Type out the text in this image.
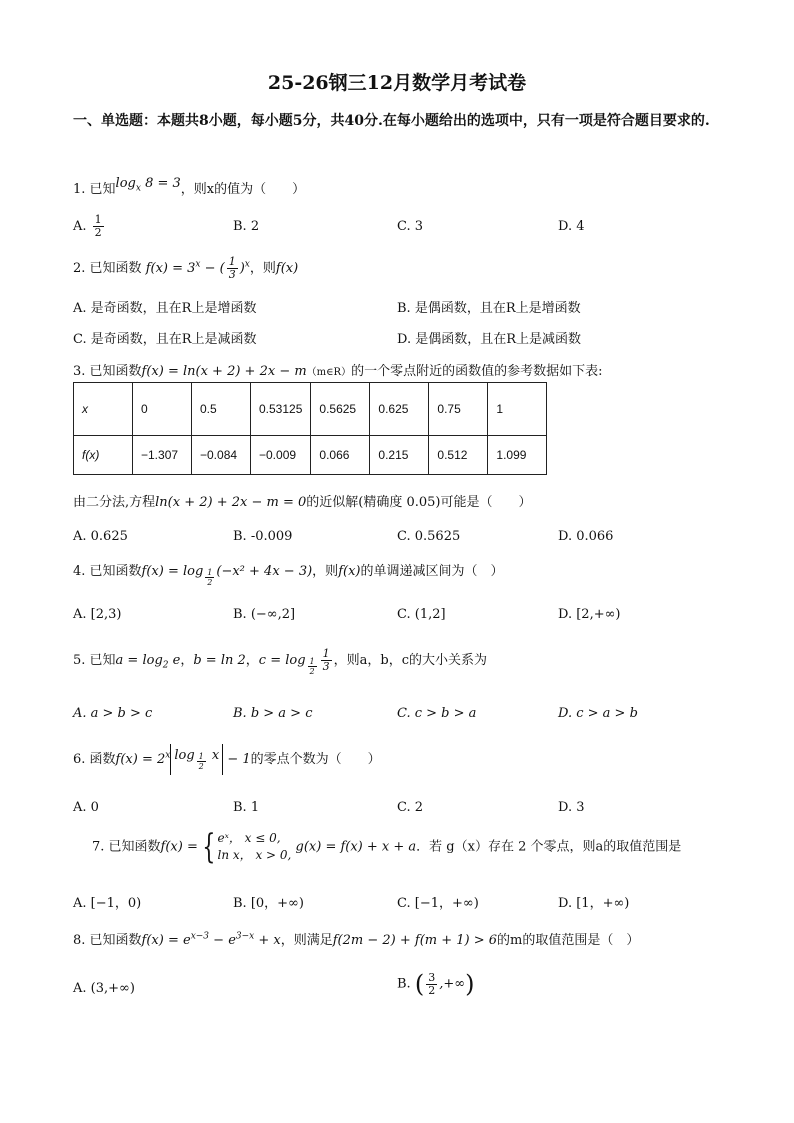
25-26钢三12月数学月考试卷
一、单选题：本题共8小题，每小题5分，共40分.在每小题给出的选项中，只有一项是符合题目要求的.
1. 已知$\log_x 8 = 3$，则x的值为（　　）
A. $\frac{1}{2}$	B. 2	C. 3	D. 4
2. 已知函数 $f(x) = 3^x$ − ( $\frac{1}{3} )^x$，则f(x)
A. 是奇函数，且在R上是增函数	B. 是偶函数，且在R上是增函数
C. 是奇函数，且在R上是减函数	D. 是偶函数，且在R上是减函数
3. 已知函数f(x) = ln(x + 2) + 2x − m（m∈R）的一个零点附近的函数值的参考数据如下表:
x	0	0.5	0.53125	0.5625	0.625	0.75	1
f(x)	−1.307	−0.084	−0.009	0.066	0.215	0.512	1.099
由二分法,方程ln(x + 2) + 2x − m = 0的近似解(精确度 0.05)可能是（　　）
A. 0.625	B. -0.009	C. 0.5625	D. 0.066
4. 已知函数$f(x) = \log \frac{1}{2} (-x^2 + 4x - 3)$，则f(x)的单调递减区间为（　）
A. [2,3)	B. (−∞,2]	C. (1,2]	D. [2,+∞)
5. 已知$a = \log_2 e$，b = ln 2，$c = \log \frac{1}{2} \frac{1}{3}$ ，则a，b，c的大小关系为
A. a > b > c	B. b > a > c	C. c > b > a	D. c > a > b
6. 函数$f(x) = 2^x$ $\log \frac{1}{2}$ x − 1的零点个数为（　　）
A. 0	B. 1	C. 2	D. 3
7. 已知函数f(x) = { eˣ， x ≤ 0,
ln x， x > 0,
g(x) = f(x) + x + a．若 g（x）存在 2 个零点，则a的取值范围是
A. [−1，0)	B. [0，+∞)	C. [−1，+∞)	D. [1，+∞)
8. 已知函数$f(x) = e^{x-3} - e^{3-x} + x$，则满足f(2m − 2) + f(m + 1) > 6的m的取值范围是（　）
A. (3,+∞)	B. ( $\frac{3}{2}$ ,+∞)
